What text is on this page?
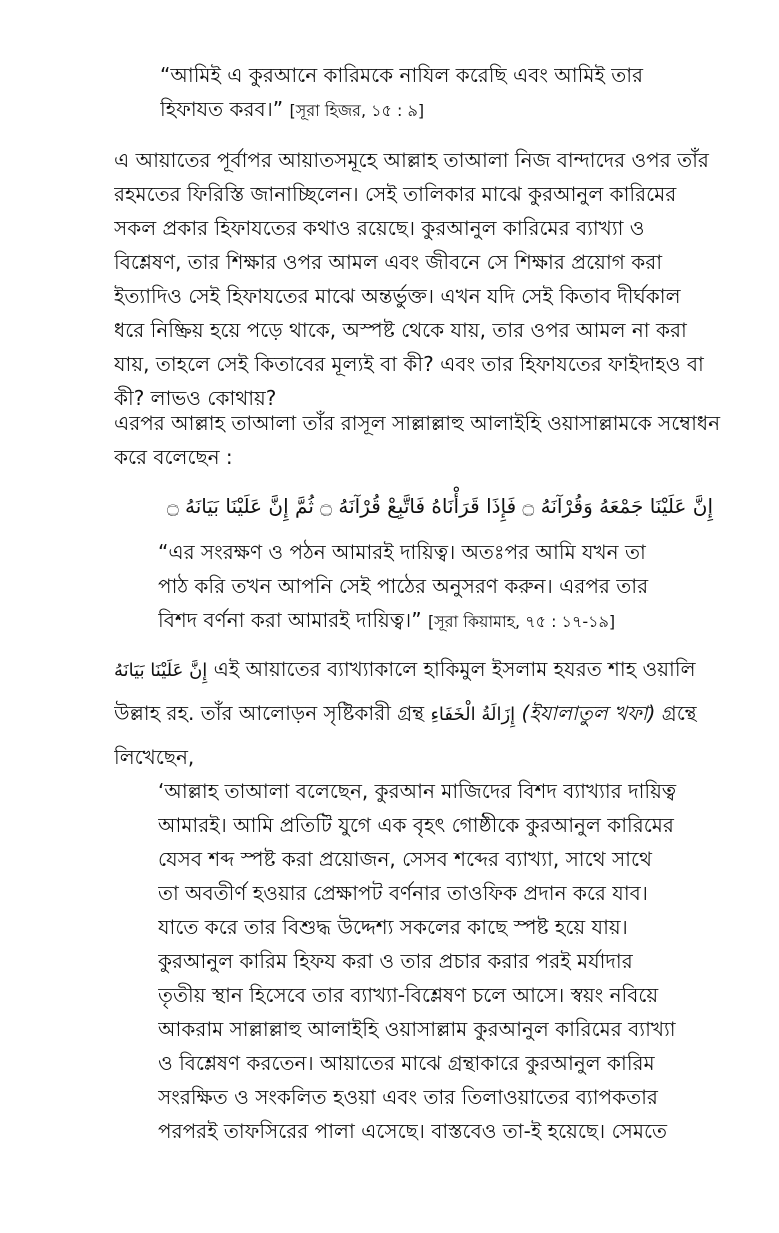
“আমিই এ কুরআনে কারিমকে নাযিল করেছি এবং আমিই তার
হিফাযত করব।” [সূরা হিজর, ১৫ : ৯]
এ আয়াতের পূর্বাপর আয়াতসমূহে আল্লাহ তাআলা নিজ বান্দাদের ওপর তাঁর
রহমতের ফিরিস্তি জানাচ্ছিলেন। সেই তালিকার মাঝে কুরআনুল কারিমের
সকল প্রকার হিফাযতের কথাও রয়েছে। কুরআনুল কারিমের ব্যাখ্যা ও
বিশ্লেষণ, তার শিক্ষার ওপর আমল এবং জীবনে সে শিক্ষার প্রয়োগ করা
ইত্যাদিও সেই হিফাযতের মাঝে অন্তর্ভুক্ত। এখন যদি সেই কিতাব দীর্ঘকাল
ধরে নিষ্ক্রিয় হয়ে পড়ে থাকে, অস্পষ্ট থেকে যায়, তার ওপর আমল না করা
যায়, তাহলে সেই কিতাবের মূল্যই বা কী? এবং তার হিফাযতের ফাইদাহও বা
কী? লাভও কোথায়?
এরপর আল্লাহ তাআলা তাঁর রাসূল সাল্লাল্লাহু আলাইহি ওয়াসাল্লামকে সম্বোধন
করে বলেছেন :
إِنَّ عَلَيْنَا جَمْعَهُ وَقُرْآنَهُ ۝ فَإِذَا قَرَأْنَاهُ فَاتَّبِعْ قُرْآنَهُ ۝ ثُمَّ إِنَّ عَلَيْنَا بَيَانَهُ ۝
“এর সংরক্ষণ ও পঠন আমারই দায়িত্ব। অতঃপর আমি যখন তা
পাঠ করি তখন আপনি সেই পাঠের অনুসরণ করুন। এরপর তার
বিশদ বর্ণনা করা আমারই দায়িত্ব।” [সূরা কিয়ামাহ, ৭৫ : ১৭-১৯]
إِنَّ عَلَيْنَا بَيَانَهُ এই আয়াতের ব্যাখ্যাকালে হাকিমুল ইসলাম হযরত শাহ ওয়ালি
উল্লাহ রহ. তাঁর আলোড়ন সৃষ্টিকারী গ্রন্থ إِزَالَةُ الْخَفَاءِ (ইযালাতুল খফা) গ্রন্থে
লিখেছেন,
‘আল্লাহ তাআলা বলেছেন, কুরআন মাজিদের বিশদ ব্যাখ্যার দায়িত্ব
আমারই। আমি প্রতিটি যুগে এক বৃহৎ গোষ্ঠীকে কুরআনুল কারিমের
যেসব শব্দ স্পষ্ট করা প্রয়োজন, সেসব শব্দের ব্যাখ্যা, সাথে সাথে
তা অবতীর্ণ হওয়ার প্রেক্ষাপট বর্ণনার তাওফিক প্রদান করে যাব।
যাতে করে তার বিশুদ্ধ উদ্দেশ্য সকলের কাছে স্পষ্ট হয়ে যায়।
কুরআনুল কারিম হিফয করা ও তার প্রচার করার পরই মর্যাদার
তৃতীয় স্থান হিসেবে তার ব্যাখ্যা-বিশ্লেষণ চলে আসে। স্বয়ং নবিয়ে
আকরাম সাল্লাল্লাহু আলাইহি ওয়াসাল্লাম কুরআনুল কারিমের ব্যাখ্যা
ও বিশ্লেষণ করতেন। আয়াতের মাঝে গ্রন্থাকারে কুরআনুল কারিম
সংরক্ষিত ও সংকলিত হওয়া এবং তার তিলাওয়াতের ব্যাপকতার
পরপরই তাফসিরের পালা এসেছে। বাস্তবেও তা-ই হয়েছে। সেমতে
